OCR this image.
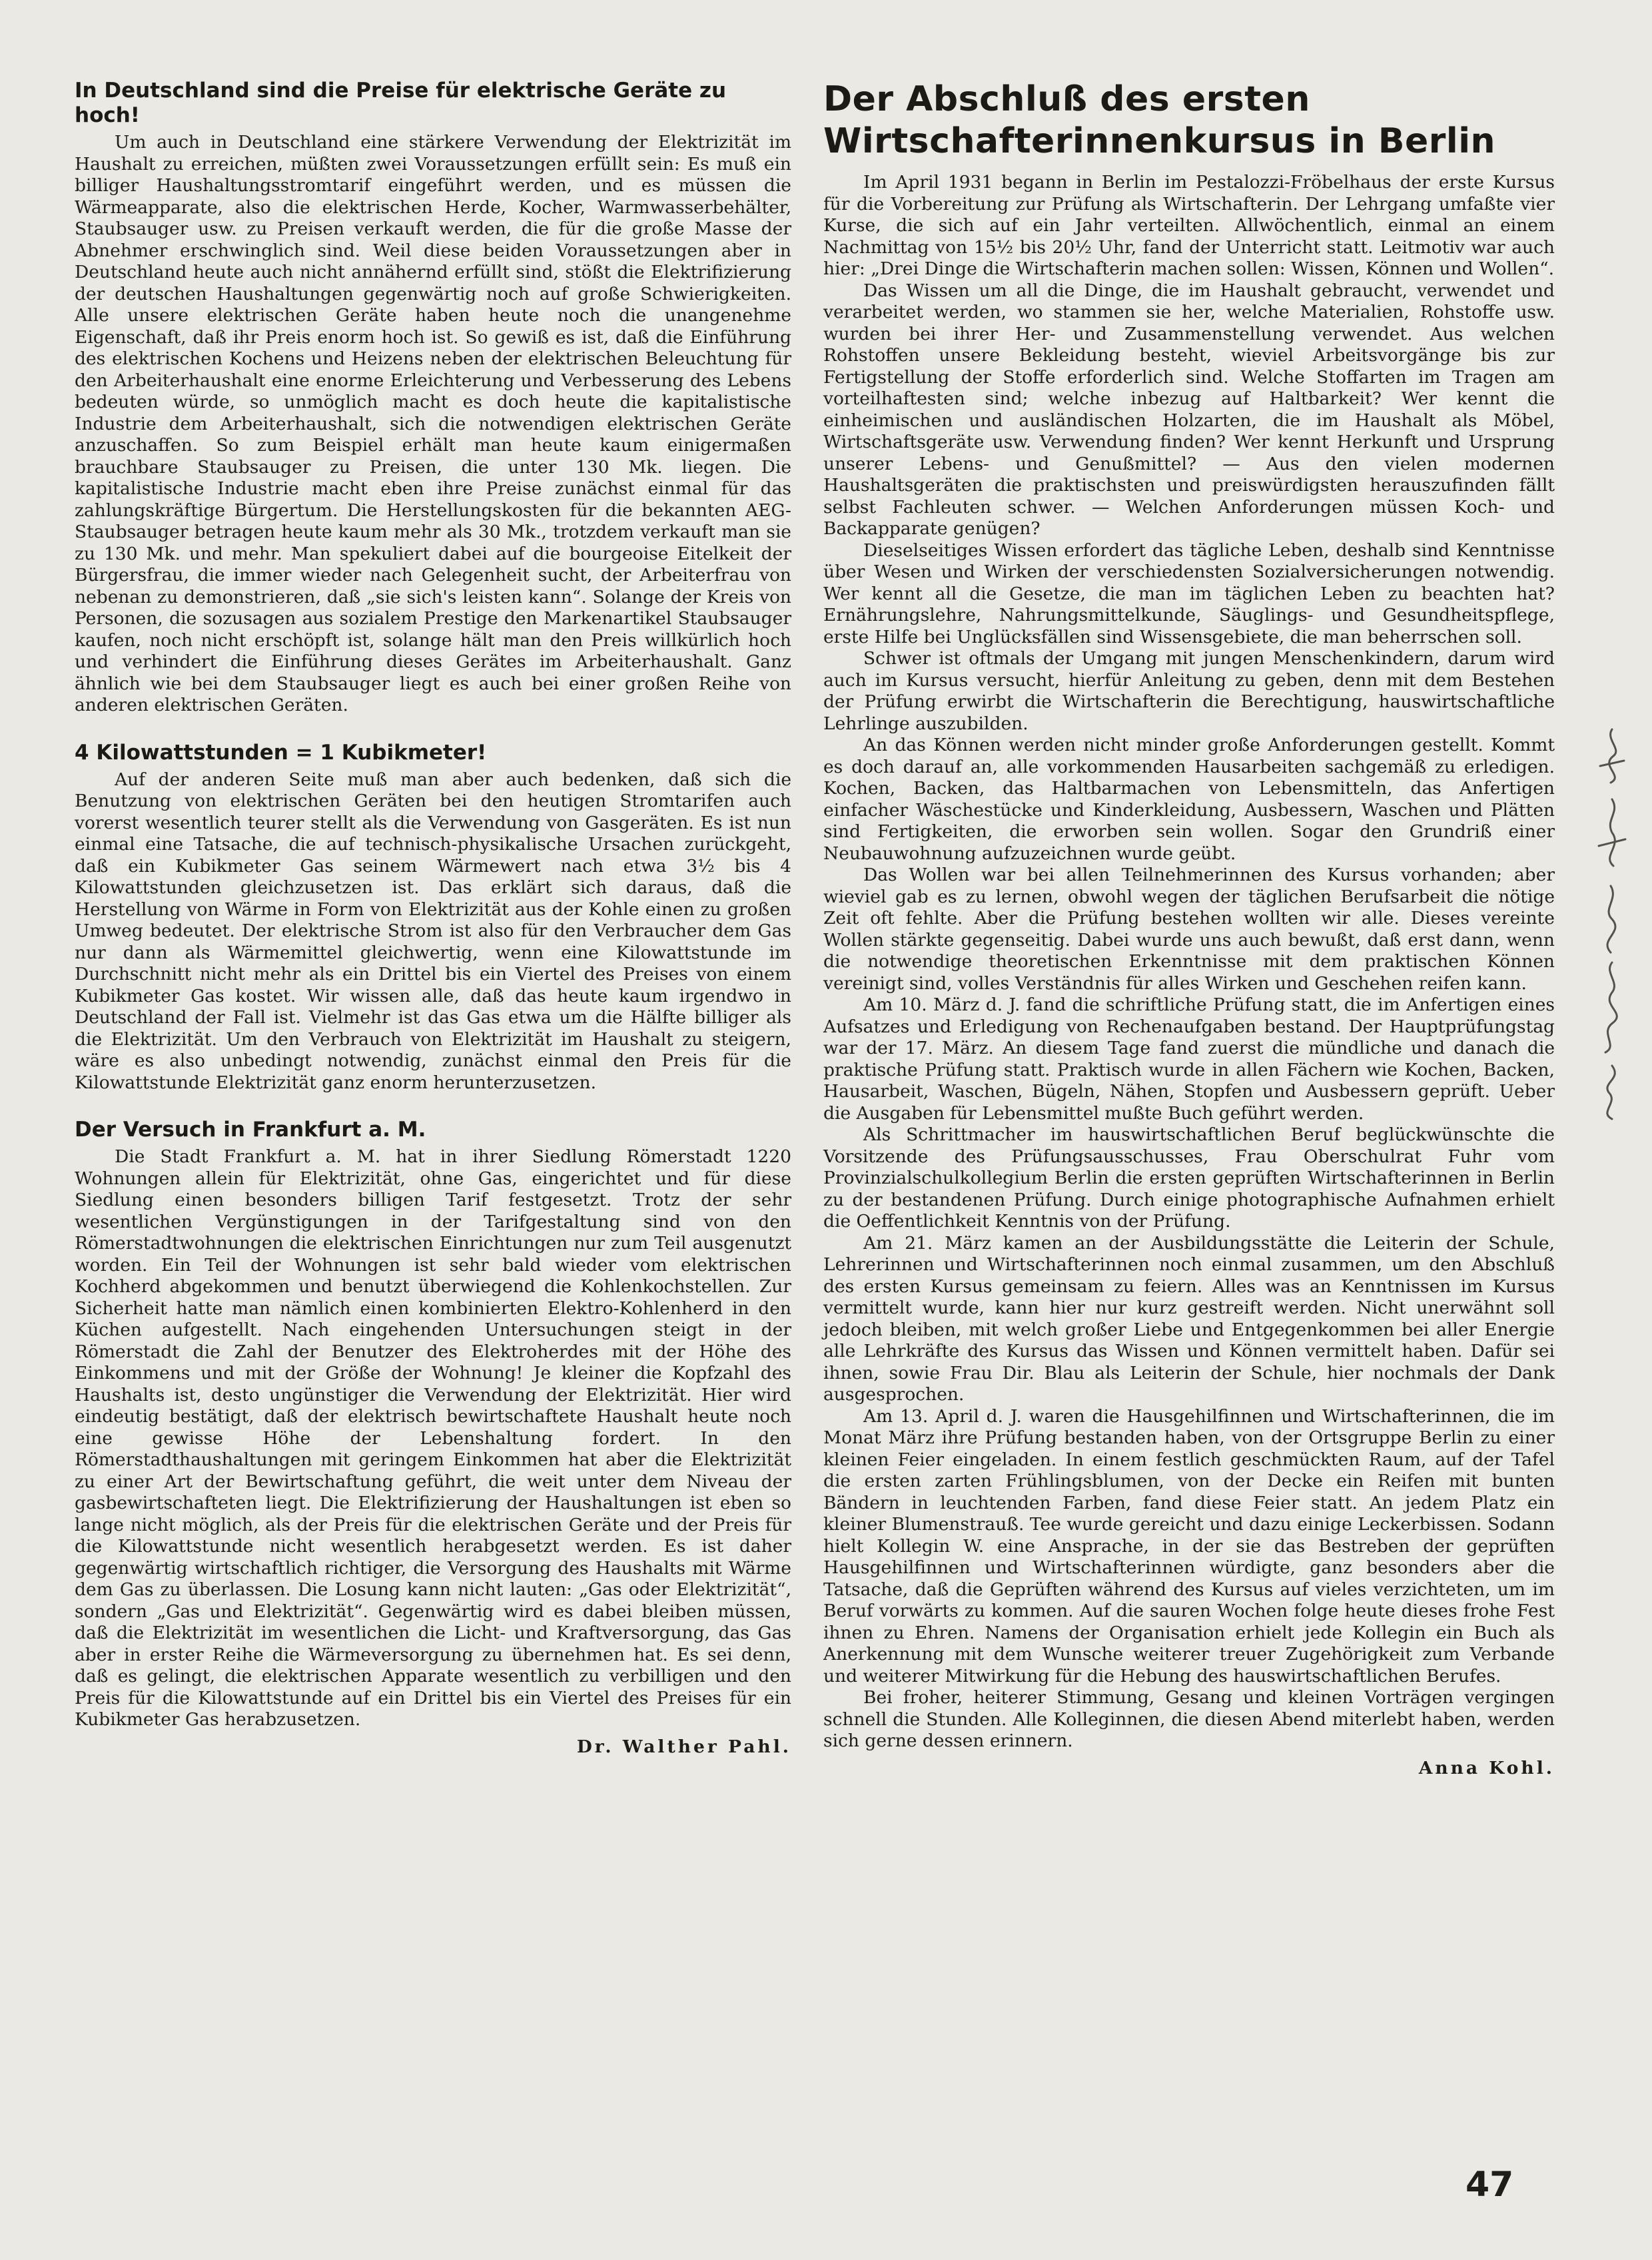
In Deutschland sind die Preise für elektrische Geräte zu hoch!

Um auch in Deutschland eine stärkere Verwendung der Elektrizität im Haushalt zu erreichen, müßten zwei Voraussetzungen erfüllt sein: Es muß ein billiger Haushaltungsstromtarif eingeführt werden, und es müssen die Wärmeapparate, also die elektrischen Herde, Kocher, Warmwasserbehälter, Staubsauger usw. zu Preisen verkauft werden, die für die große Masse der Abnehmer erschwinglich sind. Weil diese beiden Voraussetzungen aber in Deutschland heute auch nicht annähernd erfüllt sind, stößt die Elektrifizierung der deutschen Haushaltungen gegenwärtig noch auf große Schwierigkeiten. Alle unsere elektrischen Geräte haben heute noch die unangenehme Eigenschaft, daß ihr Preis enorm hoch ist. So gewiß es ist, daß die Einführung des elektrischen Kochens und Heizens neben der elektrischen Beleuchtung für den Arbeiterhaushalt eine enorme Erleichterung und Verbesserung des Lebens bedeuten würde, so unmöglich macht es doch heute die kapitalistische Industrie dem Arbeiterhaushalt, sich die notwendigen elektrischen Geräte anzuschaffen. So zum Beispiel erhält man heute kaum einigermaßen brauchbare Staubsauger zu Preisen, die unter 130 Mk. liegen. Die kapitalistische Industrie macht eben ihre Preise zunächst einmal für das zahlungskräftige Bürgertum. Die Herstellungskosten für die bekannten AEG-Staubsauger betragen heute kaum mehr als 30 Mk., trotzdem verkauft man sie zu 130 Mk. und mehr. Man spekuliert dabei auf die bourgeoise Eitelkeit der Bürgersfrau, die immer wieder nach Gelegenheit sucht, der Arbeiterfrau von nebenan zu demonstrieren, daß „sie sich's leisten kann“. Solange der Kreis von Personen, die sozusagen aus sozialem Prestige den Markenartikel Staubsauger kaufen, noch nicht erschöpft ist, solange hält man den Preis willkürlich hoch und verhindert die Einführung dieses Gerätes im Arbeiterhaushalt. Ganz ähnlich wie bei dem Staubsauger liegt es auch bei einer großen Reihe von anderen elektrischen Geräten.

4 Kilowattstunden = 1 Kubikmeter!

Auf der anderen Seite muß man aber auch bedenken, daß sich die Benutzung von elektrischen Geräten bei den heutigen Stromtarifen auch vorerst wesentlich teurer stellt als die Verwendung von Gasgeräten. Es ist nun einmal eine Tatsache, die auf technisch-physikalische Ursachen zurückgeht, daß ein Kubikmeter Gas seinem Wärmewert nach etwa 3½ bis 4 Kilowattstunden gleichzusetzen ist. Das erklärt sich daraus, daß die Herstellung von Wärme in Form von Elektrizität aus der Kohle einen zu großen Umweg bedeutet. Der elektrische Strom ist also für den Verbraucher dem Gas nur dann als Wärmemittel gleichwertig, wenn eine Kilowattstunde im Durchschnitt nicht mehr als ein Drittel bis ein Viertel des Preises von einem Kubikmeter Gas kostet. Wir wissen alle, daß das heute kaum irgendwo in Deutschland der Fall ist. Vielmehr ist das Gas etwa um die Hälfte billiger als die Elektrizität. Um den Verbrauch von Elektrizität im Haushalt zu steigern, wäre es also unbedingt notwendig, zunächst einmal den Preis für die Kilowattstunde Elektrizität ganz enorm herunterzusetzen.

Der Versuch in Frankfurt a. M.

Die Stadt Frankfurt a. M. hat in ihrer Siedlung Römerstadt 1220 Wohnungen allein für Elektrizität, ohne Gas, eingerichtet und für diese Siedlung einen besonders billigen Tarif festgesetzt. Trotz der sehr wesentlichen Vergünstigungen in der Tarifgestaltung sind von den Römerstadtwohnungen die elektrischen Einrichtungen nur zum Teil ausgenutzt worden. Ein Teil der Wohnungen ist sehr bald wieder vom elektrischen Kochherd abgekommen und benutzt überwiegend die Kohlenkochstellen. Zur Sicherheit hatte man nämlich einen kombinierten Elektro-Kohlenherd in den Küchen aufgestellt. Nach eingehenden Untersuchungen steigt in der Römerstadt die Zahl der Benutzer des Elektroherdes mit der Höhe des Einkommens und mit der Größe der Wohnung! Je kleiner die Kopfzahl des Haushalts ist, desto ungünstiger die Verwendung der Elektrizität. Hier wird eindeutig bestätigt, daß der elektrisch bewirtschaftete Haushalt heute noch eine gewisse Höhe der Lebenshaltung fordert. In den Römerstadthaushaltungen mit geringem Einkommen hat aber die Elektrizität zu einer Art der Bewirtschaftung geführt, die weit unter dem Niveau der gasbewirtschafteten liegt. Die Elektrifizierung der Haushaltungen ist eben so lange nicht möglich, als der Preis für die elektrischen Geräte und der Preis für die Kilowattstunde nicht wesentlich herabgesetzt werden. Es ist daher gegenwärtig wirtschaftlich richtiger, die Versorgung des Haushalts mit Wärme dem Gas zu überlassen. Die Losung kann nicht lauten: „Gas oder Elektrizität“, sondern „Gas und Elektrizität“. Gegenwärtig wird es dabei bleiben müssen, daß die Elektrizität im wesentlichen die Licht- und Kraftversorgung, das Gas aber in erster Reihe die Wärmeversorgung zu übernehmen hat. Es sei denn, daß es gelingt, die elektrischen Apparate wesentlich zu verbilligen und den Preis für die Kilowattstunde auf ein Drittel bis ein Viertel des Preises für ein Kubikmeter Gas herabzusetzen.

Dr. Walther Pahl.

Der Abschluß des ersten Wirtschafterinnenkursus in Berlin

Im April 1931 begann in Berlin im Pestalozzi-Fröbelhaus der erste Kursus für die Vorbereitung zur Prüfung als Wirtschafterin. Der Lehrgang umfaßte vier Kurse, die sich auf ein Jahr verteilten. Allwöchentlich, einmal an einem Nachmittag von 15½ bis 20½ Uhr, fand der Unterricht statt. Leitmotiv war auch hier: „Drei Dinge die Wirtschafterin machen sollen: Wissen, Können und Wollen“.

Das Wissen um all die Dinge, die im Haushalt gebraucht, verwendet und verarbeitet werden, wo stammen sie her, welche Materialien, Rohstoffe usw. wurden bei ihrer Her- und Zusammenstellung verwendet. Aus welchen Rohstoffen unsere Bekleidung besteht, wieviel Arbeitsvorgänge bis zur Fertigstellung der Stoffe erforderlich sind. Welche Stoffarten im Tragen am vorteilhaftesten sind; welche inbezug auf Haltbarkeit? Wer kennt die einheimischen und ausländischen Holzarten, die im Haushalt als Möbel, Wirtschaftsgeräte usw. Verwendung finden? Wer kennt Herkunft und Ursprung unserer Lebens- und Genußmittel? — Aus den vielen modernen Haushaltsgeräten die praktischsten und preiswürdigsten herauszufinden fällt selbst Fachleuten schwer. — Welchen Anforderungen müssen Koch- und Backapparate genügen?

Dieselseitiges Wissen erfordert das tägliche Leben, deshalb sind Kenntnisse über Wesen und Wirken der verschiedensten Sozialversicherungen notwendig. Wer kennt all die Gesetze, die man im täglichen Leben zu beachten hat? Ernährungslehre, Nahrungsmittelkunde, Säuglings- und Gesundheitspflege, erste Hilfe bei Unglücksfällen sind Wissensgebiete, die man beherrschen soll.

Schwer ist oftmals der Umgang mit jungen Menschenkindern, darum wird auch im Kursus versucht, hierfür Anleitung zu geben, denn mit dem Bestehen der Prüfung erwirbt die Wirtschafterin die Berechtigung, hauswirtschaftliche Lehrlinge auszubilden.

An das Können werden nicht minder große Anforderungen gestellt. Kommt es doch darauf an, alle vorkommenden Hausarbeiten sachgemäß zu erledigen. Kochen, Backen, das Haltbarmachen von Lebensmitteln, das Anfertigen einfacher Wäschestücke und Kinderkleidung, Ausbessern, Waschen und Plätten sind Fertigkeiten, die erworben sein wollen. Sogar den Grundriß einer Neubauwohnung aufzuzeichnen wurde geübt.

Das Wollen war bei allen Teilnehmerinnen des Kursus vorhanden; aber wieviel gab es zu lernen, obwohl wegen der täglichen Berufsarbeit die nötige Zeit oft fehlte. Aber die Prüfung bestehen wollten wir alle. Dieses vereinte Wollen stärkte gegenseitig. Dabei wurde uns auch bewußt, daß erst dann, wenn die notwendige theoretischen Erkenntnisse mit dem praktischen Können vereinigt sind, volles Verständnis für alles Wirken und Geschehen reifen kann.

Am 10. März d. J. fand die schriftliche Prüfung statt, die im Anfertigen eines Aufsatzes und Erledigung von Rechenaufgaben bestand. Der Hauptprüfungstag war der 17. März. An diesem Tage fand zuerst die mündliche und danach die praktische Prüfung statt. Praktisch wurde in allen Fächern wie Kochen, Backen, Hausarbeit, Waschen, Bügeln, Nähen, Stopfen und Ausbessern geprüft. Ueber die Ausgaben für Lebensmittel mußte Buch geführt werden.

Als Schrittmacher im hauswirtschaftlichen Beruf beglückwünschte die Vorsitzende des Prüfungsausschusses, Frau Oberschulrat Fuhr vom Provinzialschulkollegium Berlin die ersten geprüften Wirtschafterinnen in Berlin zu der bestandenen Prüfung. Durch einige photographische Aufnahmen erhielt die Oeffentlichkeit Kenntnis von der Prüfung.

Am 21. März kamen an der Ausbildungsstätte die Leiterin der Schule, Lehrerinnen und Wirtschafterinnen noch einmal zusammen, um den Abschluß des ersten Kursus gemeinsam zu feiern. Alles was an Kenntnissen im Kursus vermittelt wurde, kann hier nur kurz gestreift werden. Nicht unerwähnt soll jedoch bleiben, mit welch großer Liebe und Entgegenkommen bei aller Energie alle Lehrkräfte des Kursus das Wissen und Können vermittelt haben. Dafür sei ihnen, sowie Frau Dir. Blau als Leiterin der Schule, hier nochmals der Dank ausgesprochen.

Am 13. April d. J. waren die Hausgehilfinnen und Wirtschafterinnen, die im Monat März ihre Prüfung bestanden haben, von der Ortsgruppe Berlin zu einer kleinen Feier eingeladen. In einem festlich geschmückten Raum, auf der Tafel die ersten zarten Frühlingsblumen, von der Decke ein Reifen mit bunten Bändern in leuchtenden Farben, fand diese Feier statt. An jedem Platz ein kleiner Blumenstrauß. Tee wurde gereicht und dazu einige Leckerbissen. Sodann hielt Kollegin W. eine Ansprache, in der sie das Bestreben der geprüften Hausgehilfinnen und Wirtschafterinnen würdigte, ganz besonders aber die Tatsache, daß die Geprüften während des Kursus auf vieles verzichteten, um im Beruf vorwärts zu kommen. Auf die sauren Wochen folge heute dieses frohe Fest ihnen zu Ehren. Namens der Organisation erhielt jede Kollegin ein Buch als Anerkennung mit dem Wunsche weiterer treuer Zugehörigkeit zum Verbande und weiterer Mitwirkung für die Hebung des hauswirtschaftlichen Berufes.

Bei froher, heiterer Stimmung, Gesang und kleinen Vorträgen vergingen schnell die Stunden. Alle Kolleginnen, die diesen Abend miterlebt haben, werden sich gerne dessen erinnern.

Anna Kohl.

47
